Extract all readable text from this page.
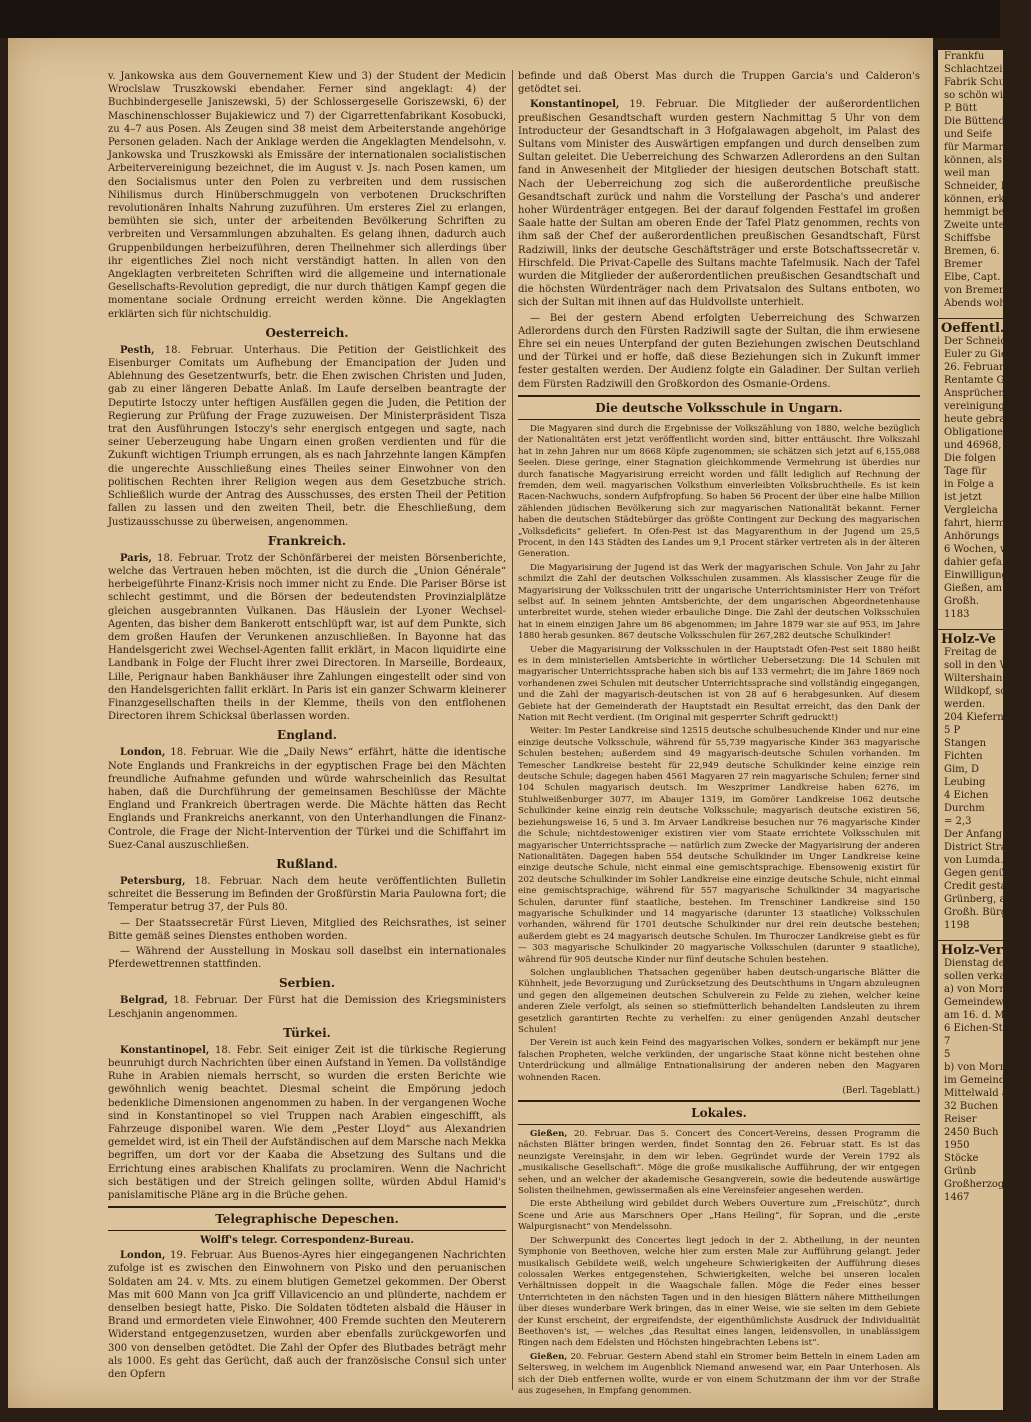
v. Jankowska aus dem Gouvernement Kiew und 3) der Student der Medicin Wroclslaw Truszkowski ebendaher. Ferner sind angeklagt: 4) der Buchbindergeselle Janiszewski, 5) der Schlossergeselle Goriszewski, 6) der Maschinenschlosser Bujakiewicz und 7) der Cigarrettenfabrikant Kosobucki, zu 4–7 aus Posen. Als Zeugen sind 38 meist dem Arbeiterstande angehörige Personen geladen. Nach der Anklage werden die Angeklagten Mendelsohn, v. Jankowska und Truszkowski als Emissäre der internationalen socialistischen Arbeitervereinigung bezeichnet, die im August v. Js. nach Posen kamen, um den Socialismus unter den Polen zu verbreiten und dem russischen Nihilismus durch Hinüberschmuggeln von verbotenen Druckschriften revolutionären Inhalts Nahrung zuzuführen. Um ersteres Ziel zu erlangen, bemühten sie sich, unter der arbeitenden Bevölkerung Schriften zu verbreiten und Versammlungen abzuhalten. Es gelang ihnen, dadurch auch Gruppenbildungen herbeizuführen, deren Theilnehmer sich allerdings über ihr eigentliches Ziel noch nicht verständigt hatten. In allen von den Angeklagten verbreiteten Schriften wird die allgemeine und internationale Gesellschafts-Revolution gepredigt, die nur durch thätigen Kampf gegen die momentane sociale Ordnung erreicht werden könne. Die Angeklagten erklärten sich für nichtschuldig.

Oesterreich.

Pesth, 18. Februar. Unterhaus. Die Petition der Geistlichkeit des Eisenburger Comitats um Aufhebung der Emancipation der Juden und Ablehnung des Gesetzentwurfs, betr. die Ehen zwischen Christen und Juden, gab zu einer längeren Debatte Anlaß. Im Laufe derselben beantragte der Deputirte Istoczy unter heftigen Ausfällen gegen die Juden, die Petition der Regierung zur Prüfung der Frage zuzuweisen. Der Ministerpräsident Tisza trat den Ausführungen Istoczy's sehr energisch entgegen und sagte, nach seiner Ueberzeugung habe Ungarn einen großen verdienten und für die Zukunft wichtigen Triumph errungen, als es nach Jahrzehnte langen Kämpfen die ungerechte Ausschließung eines Theiles seiner Einwohner von den politischen Rechten ihrer Religion wegen aus dem Gesetzbuche strich. Schließlich wurde der Antrag des Ausschusses, des ersten Theil der Petition fallen zu lassen und den zweiten Theil, betr. die Eheschließung, dem Justizausschusse zu überweisen, angenommen.

Frankreich.

Paris, 18. Februar. Trotz der Schönfärberei der meisten Börsenberichte, welche das Vertrauen heben möchten, ist die durch die „Union Générale“ herbeigeführte Finanz-Krisis noch immer nicht zu Ende. Die Pariser Börse ist schlecht gestimmt, und die Börsen der bedeutendsten Provinzialplätze gleichen ausgebrannten Vulkanen. Das Häuslein der Lyoner Wechsel-Agenten, das bisher dem Bankerott entschlüpft war, ist auf dem Punkte, sich dem großen Haufen der Verunkenen anzuschließen. In Bayonne hat das Handelsgericht zwei Wechsel-Agenten fallit erklärt, in Macon liquidirte eine Landbank in Folge der Flucht ihrer zwei Directoren. In Marseille, Bordeaux, Lille, Perignaur haben Bankhäuser ihre Zahlungen eingestellt oder sind von den Handelsgerichten fallit erklärt. In Paris ist ein ganzer Schwarm kleinerer Finanzgesellschaften theils in der Klemme, theils von den entflohenen Directoren ihrem Schicksal überlassen worden.

England.

London, 18. Februar. Wie die „Daily News“ erfährt, hätte die identische Note Englands und Frankreichs in der egyptischen Frage bei den Mächten freundliche Aufnahme gefunden und würde wahrscheinlich das Resultat haben, daß die Durchführung der gemeinsamen Beschlüsse der Mächte England und Frankreich übertragen werde. Die Mächte hätten das Recht Englands und Frankreichs anerkannt, von den Unterhandlungen die Finanz-Controle, die Frage der Nicht-Intervention der Türkei und die Schiffahrt im Suez-Canal auszuschließen.

Rußland.

Petersburg, 18. Februar. Nach dem heute veröffentlichten Bulletin schreitet die Besserung im Befinden der Großfürstin Maria Paulowna fort; die Temperatur betrug 37, der Puls 80.

— Der Staatssecretär Fürst Lieven, Mitglied des Reichsrathes, ist seiner Bitte gemäß seines Dienstes enthoben worden.

— Während der Ausstellung in Moskau soll daselbst ein internationales Pferdewettrennen stattfinden.

Serbien.

Belgrad, 18. Februar. Der Fürst hat die Demission des Kriegsministers Leschjanin angenommen.

Türkei.

Konstantinopel, 18. Febr. Seit einiger Zeit ist die türkische Regierung beunruhigt durch Nachrichten über einen Aufstand in Yemen. Da vollständige Ruhe in Arabien niemals herrscht, so wurden die ersten Berichte wie gewöhnlich wenig beachtet. Diesmal scheint die Empörung jedoch bedenkliche Dimensionen angenommen zu haben. In der vergangenen Woche sind in Konstantinopel so viel Truppen nach Arabien eingeschifft, als Fahrzeuge disponibel waren. Wie dem „Pester Lloyd“ aus Alexandrien gemeldet wird, ist ein Theil der Aufständischen auf dem Marsche nach Mekka begriffen, um dort vor der Kaaba die Absetzung des Sultans und die Errichtung eines arabischen Khalifats zu proclamiren. Wenn die Nachricht sich bestätigen und der Streich gelingen sollte, würden Abdul Hamid's panislamitische Pläne arg in die Brüche gehen.

Telegraphische Depeschen.
Wolff's telegr. Correspondenz-Bureau.

London, 19. Februar. Aus Buenos-Ayres hier eingegangenen Nachrichten zufolge ist es zwischen den Einwohnern von Pisko und den peruanischen Soldaten am 24. v. Mts. zu einem blutigen Gemetzel gekommen. Der Oberst Mas mit 600 Mann von Jca griff Villavicencio an und plünderte, nachdem er denselben besiegt hatte, Pisko. Die Soldaten tödteten alsbald die Häuser in Brand und ermordeten viele Einwohner, 400 Fremde suchten den Meuterern Widerstand entgegenzusetzen, wurden aber ebenfalls zurückgeworfen und 300 von denselben getödtet. Die Zahl der Opfer des Blutbades beträgt mehr als 1000. Es geht das Gerücht, daß auch der französische Consul sich unter den Opfern

befinde und daß Oberst Mas durch die Truppen Garcia's und Calderon's getödtet sei.

Konstantinopel, 19. Februar. Die Mitglieder der außerordentlichen preußischen Gesandtschaft wurden gestern Nachmittag 5 Uhr von dem Introducteur der Gesandtschaft in 3 Hofgalawagen abgeholt, im Palast des Sultans vom Minister des Auswärtigen empfangen und durch denselben zum Sultan geleitet. Die Ueberreichung des Schwarzen Adlerordens an den Sultan fand in Anwesenheit der Mitglieder der hiesigen deutschen Botschaft statt. Nach der Ueberreichung zog sich die außerordentliche preußische Gesandtschaft zurück und nahm die Vorstellung der Pascha's und anderer hoher Würdenträger entgegen. Bei der darauf folgenden Festtafel im großen Saale hatte der Sultan am oberen Ende der Tafel Platz genommen, rechts von ihm saß der Chef der außerordentlichen preußischen Gesandtschaft, Fürst Radziwill, links der deutsche Geschäftsträger und erste Botschaftssecretär v. Hirschfeld. Die Privat-Capelle des Sultans machte Tafelmusik. Nach der Tafel wurden die Mitglieder der außerordentlichen preußischen Gesandtschaft und die höchsten Würdenträger nach dem Privatsalon des Sultans entboten, wo sich der Sultan mit ihnen auf das Huldvollste unterhielt.

— Bei der gestern Abend erfolgten Ueberreichung des Schwarzen Adlerordens durch den Fürsten Radziwill sagte der Sultan, die ihm erwiesene Ehre sei ein neues Unterpfand der guten Beziehungen zwischen Deutschland und der Türkei und er hoffe, daß diese Beziehungen sich in Zukunft immer fester gestalten werden. Der Audienz folgte ein Galadiner. Der Sultan verlieh dem Fürsten Radziwill den Großkordon des Osmanie-Ordens.

Die deutsche Volksschule in Ungarn.

Die Magyaren sind durch die Ergebnisse der Volkszählung von 1880, welche bezüglich der Nationalitäten erst jetzt veröffentlicht worden sind, bitter enttäuscht. Ihre Volkszahl hat in zehn Jahren nur um 8668 Köpfe zugenommen; sie schätzen sich jetzt auf 6,155,088 Seelen. Diese geringe, einer Stagnation gleichkommende Vermehrung ist überdies nur durch fanatische Magyarisirung erreicht worden und fällt lediglich auf Rechnung der fremden, dem weil. magyarischen Volksthum einverleibten Volksbruchtheile. Es ist kein Racen-Nachwuchs, sondern Aufpfropfung. So haben 56 Procent der über eine halbe Million zählenden jüdischen Bevölkerung sich zur magyarischen Nationalität bekannt. Ferner haben die deutschen Städtebürger das größte Contingent zur Deckung des magyarischen „Volksdeficits“ geliefert. In Ofen-Pest ist das Magyarenthum in der Jugend um 25,5 Procent, in den 143 Städten des Landes um 9,1 Procent stärker vertreten als in der älteren Generation.

Die Magyarisirung der Jugend ist das Werk der magyarischen Schule. Von Jahr zu Jahr schmilzt die Zahl der deutschen Volksschulen zusammen. Als klassischer Zeuge für die Magyarisirung der Volksschulen tritt der ungarische Unterrichtsminister Herr von Tréfort selbst auf. In seinem jehnten Amtsberichte, der dem ungarischen Abgeordnetenhause unterbreitet wurde, stehen wieder erbauliche Dinge. Die Zahl der deutschen Volksschulen hat in einem einzigen Jahre um 86 abgenommen; im Jahre 1879 war sie auf 953, im Jahre 1880 herab gesunken. 867 deutsche Volksschulen für 267,282 deutsche Schulkinder!

Ueber die Magyarisirung der Volksschulen in der Hauptstadt Ofen-Pest seit 1880 heißt es in dem ministeriellen Amtsberichte in wörtlicher Uebersetzung: Die 14 Schulen mit magyarischer Unterrichtssprache haben sich bis auf 133 vermehrt; die im Jahre 1869 noch vorhandenen zwei Schulen mit deutscher Unterrichtssprache sind vollständig eingegangen, und die Zahl der magyarisch-deutschen ist von 28 auf 6 herabgesunken. Auf diesem Gebiete hat der Gemeinderath der Hauptstadt ein Resultat erreicht, das den Dank der Nation mit Recht verdient. (Im Original mit gesperrter Schrift gedruckt!)

Weiter: Im Pester Landkreise sind 12515 deutsche schulbesuchende Kinder und nur eine einzige deutsche Volksschule, während für 55,739 magyarische Kinder 363 magyarische Schulen bestehen; außerdem sind 49 magyarisch-deutsche Schulen vorhanden. Im Temescher Landkreise besteht für 22,949 deutsche Schulkinder keine einzige rein deutsche Schule; dagegen haben 4561 Magyaren 27 rein magyarische Schulen; ferner sind 104 Schulen magyarisch deutsch. Im Weszprimer Landkreise haben 6276, im Stuhlweißenburger 3077, im Abaujer 1319, im Gomörer Landkreise 1062 deutsche Schulkinder keine einzig rein deutsche Volksschule; magyarisch deutsche existiren 56, beziehungsweise 16, 5 und 3. Im Arvaer Landkreise besuchen nur 76 magyarische Kinder die Schule; nichtdestoweniger existiren vier vom Staate errichtete Volksschulen mit magyarischer Unterrichtssprache — natürlich zum Zwecke der Magyarisirung der anderen Nationalitäten. Dagegen haben 554 deutsche Schulkinder im Unger Landkreise keine einzige deutsche Schule, nicht einmal eine gemischtsprachige. Ebensowenig existirt für 202 deutsche Schulkinder im Sohler Landkreise eine einzige deutsche Schule, nicht einmal eine gemischtsprachige, während für 557 magyarische Schulkinder 34 magyarische Schulen, darunter fünf staatliche, bestehen. Im Trenschiner Landkreise sind 150 magyarische Schulkinder und 14 magyarische (darunter 13 staatliche) Volksschulen vorhanden, während für 1701 deutsche Schulkinder nur drei rein deutsche bestehen; außerdem giebt es 24 magyarisch deutsche Schulen. Im Thuroczer Landkreise giebt es für — 303 magyarische Schulkinder 20 magyarische Volksschulen (darunter 9 staatliche), während für 905 deutsche Kinder nur fünf deutsche Schulen bestehen.

Solchen unglaublichen Thatsachen gegenüber haben deutsch-ungarische Blätter die Kühnheit, jede Bevorzugung und Zurücksetzung des Deutschthums in Ungarn abzuleugnen und gegen den allgemeinen deutschen Schulverein zu Felde zu ziehen, welcher keine anderen Ziele verfolgt, als seinen so stiefmütterlich behandelten Landsleuten zu ihrem gesetzlich garantirten Rechte zu verhelfen: zu einer genügenden Anzahl deutscher Schulen!

Der Verein ist auch kein Feind des magyarischen Volkes, sondern er bekämpft nur jene falschen Propheten, welche verkünden, der ungarische Staat könne nicht bestehen ohne Unterdrückung und allmälige Entnationalisirung der anderen neben den Magyaren wohnenden Racen.

(Berl. Tageblatt.)
Lokales.

Gießen, 20. Februar. Das 5. Concert des Concert-Vereins, dessen Programm die nächsten Blätter bringen werden, findet Sonntag den 26. Februar statt. Es ist das neunzigste Vereinsjahr, in dem wir leben. Gegründet wurde der Verein 1792 als „musikalische Gesellschaft“. Möge die große musikalische Aufführung, der wir entgegen sehen, und an welcher der akademische Gesangverein, sowie die bedeutende auswärtige Solisten theilnehmen, gewissermaßen als eine Vereinsfeier angesehen werden.

Die erste Abtheilung wird gebildet durch Webers Ouverture zum „Freischütz“, durch Scene und Arie aus Marschners Oper „Hans Heiling“, für Sopran, und die „erste Walpurgisnacht“ von Mendelssohn.

Der Schwerpunkt des Concertes liegt jedoch in der 2. Abtheilung, in der neunten Symphonie von Beethoven, welche hier zum ersten Male zur Aufführung gelangt. Jeder musikalisch Gebildete weiß, welch ungeheure Schwierigkeiten der Aufführung dieses colossalen Werkes entgegenstehen, Schwierigkeiten, welche bei unseren localen Verhältnissen doppelt in die Waagschale fallen. Möge die Feder eines besser Unterrichteten in den nächsten Tagen und in den hiesigen Blättern nähere Mittheilungen über dieses wunderbare Werk bringen, das in einer Weise, wie sie selten im dem Gebiete der Kunst erscheint, der ergreifendste, der eigenthümlichste Ausdruck der Individualität Beethoven's ist, — welches „das Resultat eines langen, leidensvollen, in unablässigem Ringen nach dem Edelsten und Höchsten hingebrachten Lebens ist“.

Gießen, 20. Februar. Gestern Abend stahl ein Stromer beim Betteln in einem Laden am Seltersweg, in welchem im Augenblick Niemand anwesend war, ein Paar Unterhosen. Als sich der Dieb entfernen wollte, wurde er von einem Schutzmann der ihm vor der Straße aus zugesehen, in Empfang genommen.

Frankfu
Schlachtzeitliche
Fabrik Schuhe
so schön wie
P. Bütt
Die Büttend,
und Seife
für Marmarche
können, als
weil man
Schneider, Be
können, erklärt
hemmigt bei
Zweite unter he
Schiffsbe
Bremen, 6. W
Bremer
Elbe, Capt. W
von Bremen in
Abends wohlbe
Oeffentl.
Der Schneider
Euler zu Gie
26. Februar 188
Rentamte Gieße
Ansprüchen an
vereinigungs
heute gebraucht
Obligationen vo
und 46968, über
Die folgen
Tage für
in Folge a
ist jetzt
Vergleicha
fahrt, hiermit a
Anhörungs
6 Wochen, w
dahier gefaßt
Einwilligung
Gießen, am
Großh.
1183
Holz-Ve
Freitag de
soll in den W
Wiltershain, T
Wildkopf, solo
werden.
204 Kiefern
5 P
Stangen
Fichten
Gim, D
Leubing
4 Eichen
Durchm
= 2,3
Der Anfang
District Stra
von Lumda.
Gegen genü
Credit gestattet.
Grünberg, a
Großh. Bürger
1198
Holz-Vers
Dienstag de
sollen verkauft
a) von Morni
Gemeindewal
am 16. d. Mts.
6 Eichen-Stämm
7
5
b) von Morni
im Gemeindewal
Mittelwald an
32 Buchen
Reiser
2450 Buch
1950
Stöcke
Grünb
Großherzogtl
1467
